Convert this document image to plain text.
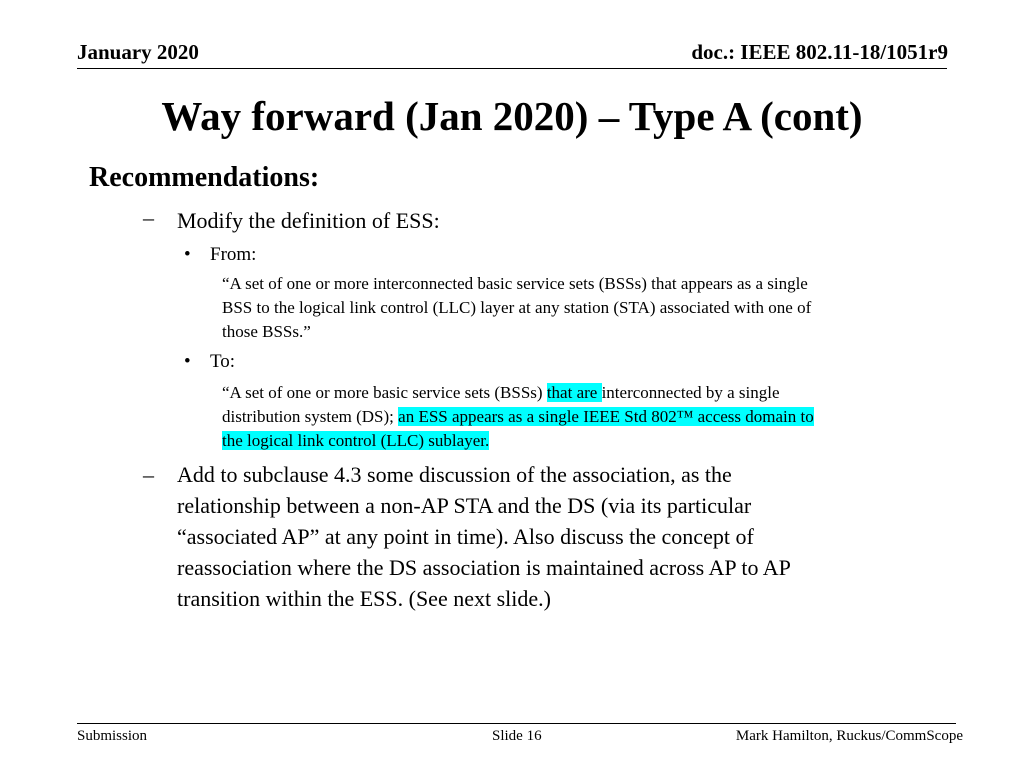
January 2020	doc.: IEEE 802.11-18/1051r9
Way forward (Jan 2020) – Type A (cont)
Recommendations:
– Modify the definition of ESS:
• From:
“A set of one or more interconnected basic service sets (BSSs) that appears as a single
BSS to the logical link control (LLC) layer at any station (STA) associated with one of
those BSSs.”
• To:
“A set of one or more basic service sets (BSSs) that are interconnected by a single
distribution system (DS); an ESS appears as a single IEEE Std 802™ access domain to
the logical link control (LLC) sublayer.
– Add to subclause 4.3 some discussion of the association, as the
relationship between a non-AP STA and the DS (via its particular
“associated AP” at any point in time). Also discuss the concept of
reassociation where the DS association is maintained across AP to AP
transition within the ESS. (See next slide.)
Submission	Slide 16	Mark Hamilton, Ruckus/CommScope
